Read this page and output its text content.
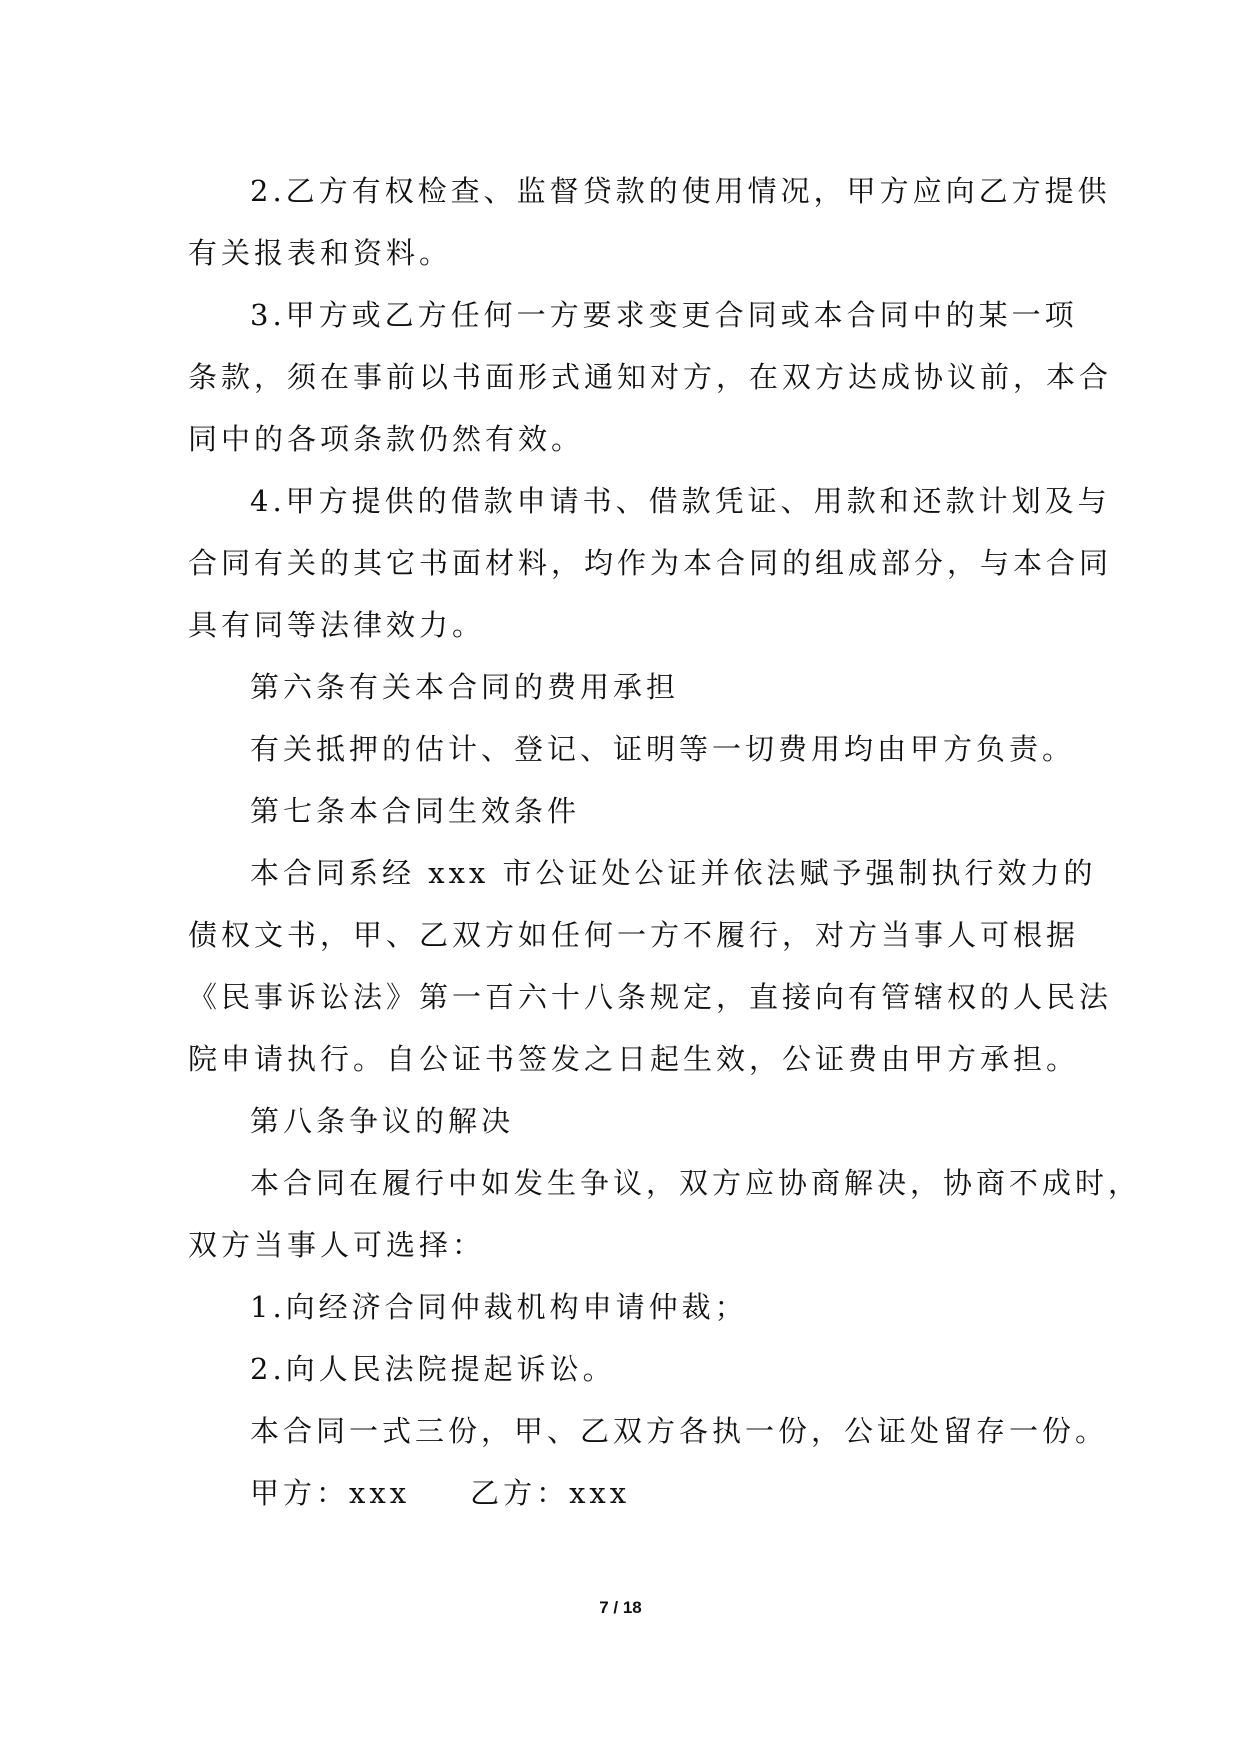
2.乙方有权检查、监督贷款的使用情况，甲方应向乙方提供

有关报表和资料。

3.甲方或乙方任何一方要求变更合同或本合同中的某一项

条款，须在事前以书面形式通知对方，在双方达成协议前，本合

同中的各项条款仍然有效。

4.甲方提供的借款申请书、借款凭证、用款和还款计划及与

合同有关的其它书面材料，均作为本合同的组成部分，与本合同

具有同等法律效力。

第六条有关本合同的费用承担

有关抵押的估计、登记、证明等一切费用均由甲方负责。

第七条本合同生效条件

本合同系经 xxx 市公证处公证并依法赋予强制执行效力的

债权文书，甲、乙双方如任何一方不履行，对方当事人可根据

《民事诉讼法》第一百六十八条规定，直接向有管辖权的人民法

院申请执行。自公证书签发之日起生效，公证费由甲方承担。

第八条争议的解决

本合同在履行中如发生争议，双方应协商解决，协商不成时，

双方当事人可选择：

1.向经济合同仲裁机构申请仲裁；

2.向人民法院提起诉讼。

本合同一式三份，甲、乙双方各执一份，公证处留存一份。

甲方：xxx 乙方：xxx

7 / 18
